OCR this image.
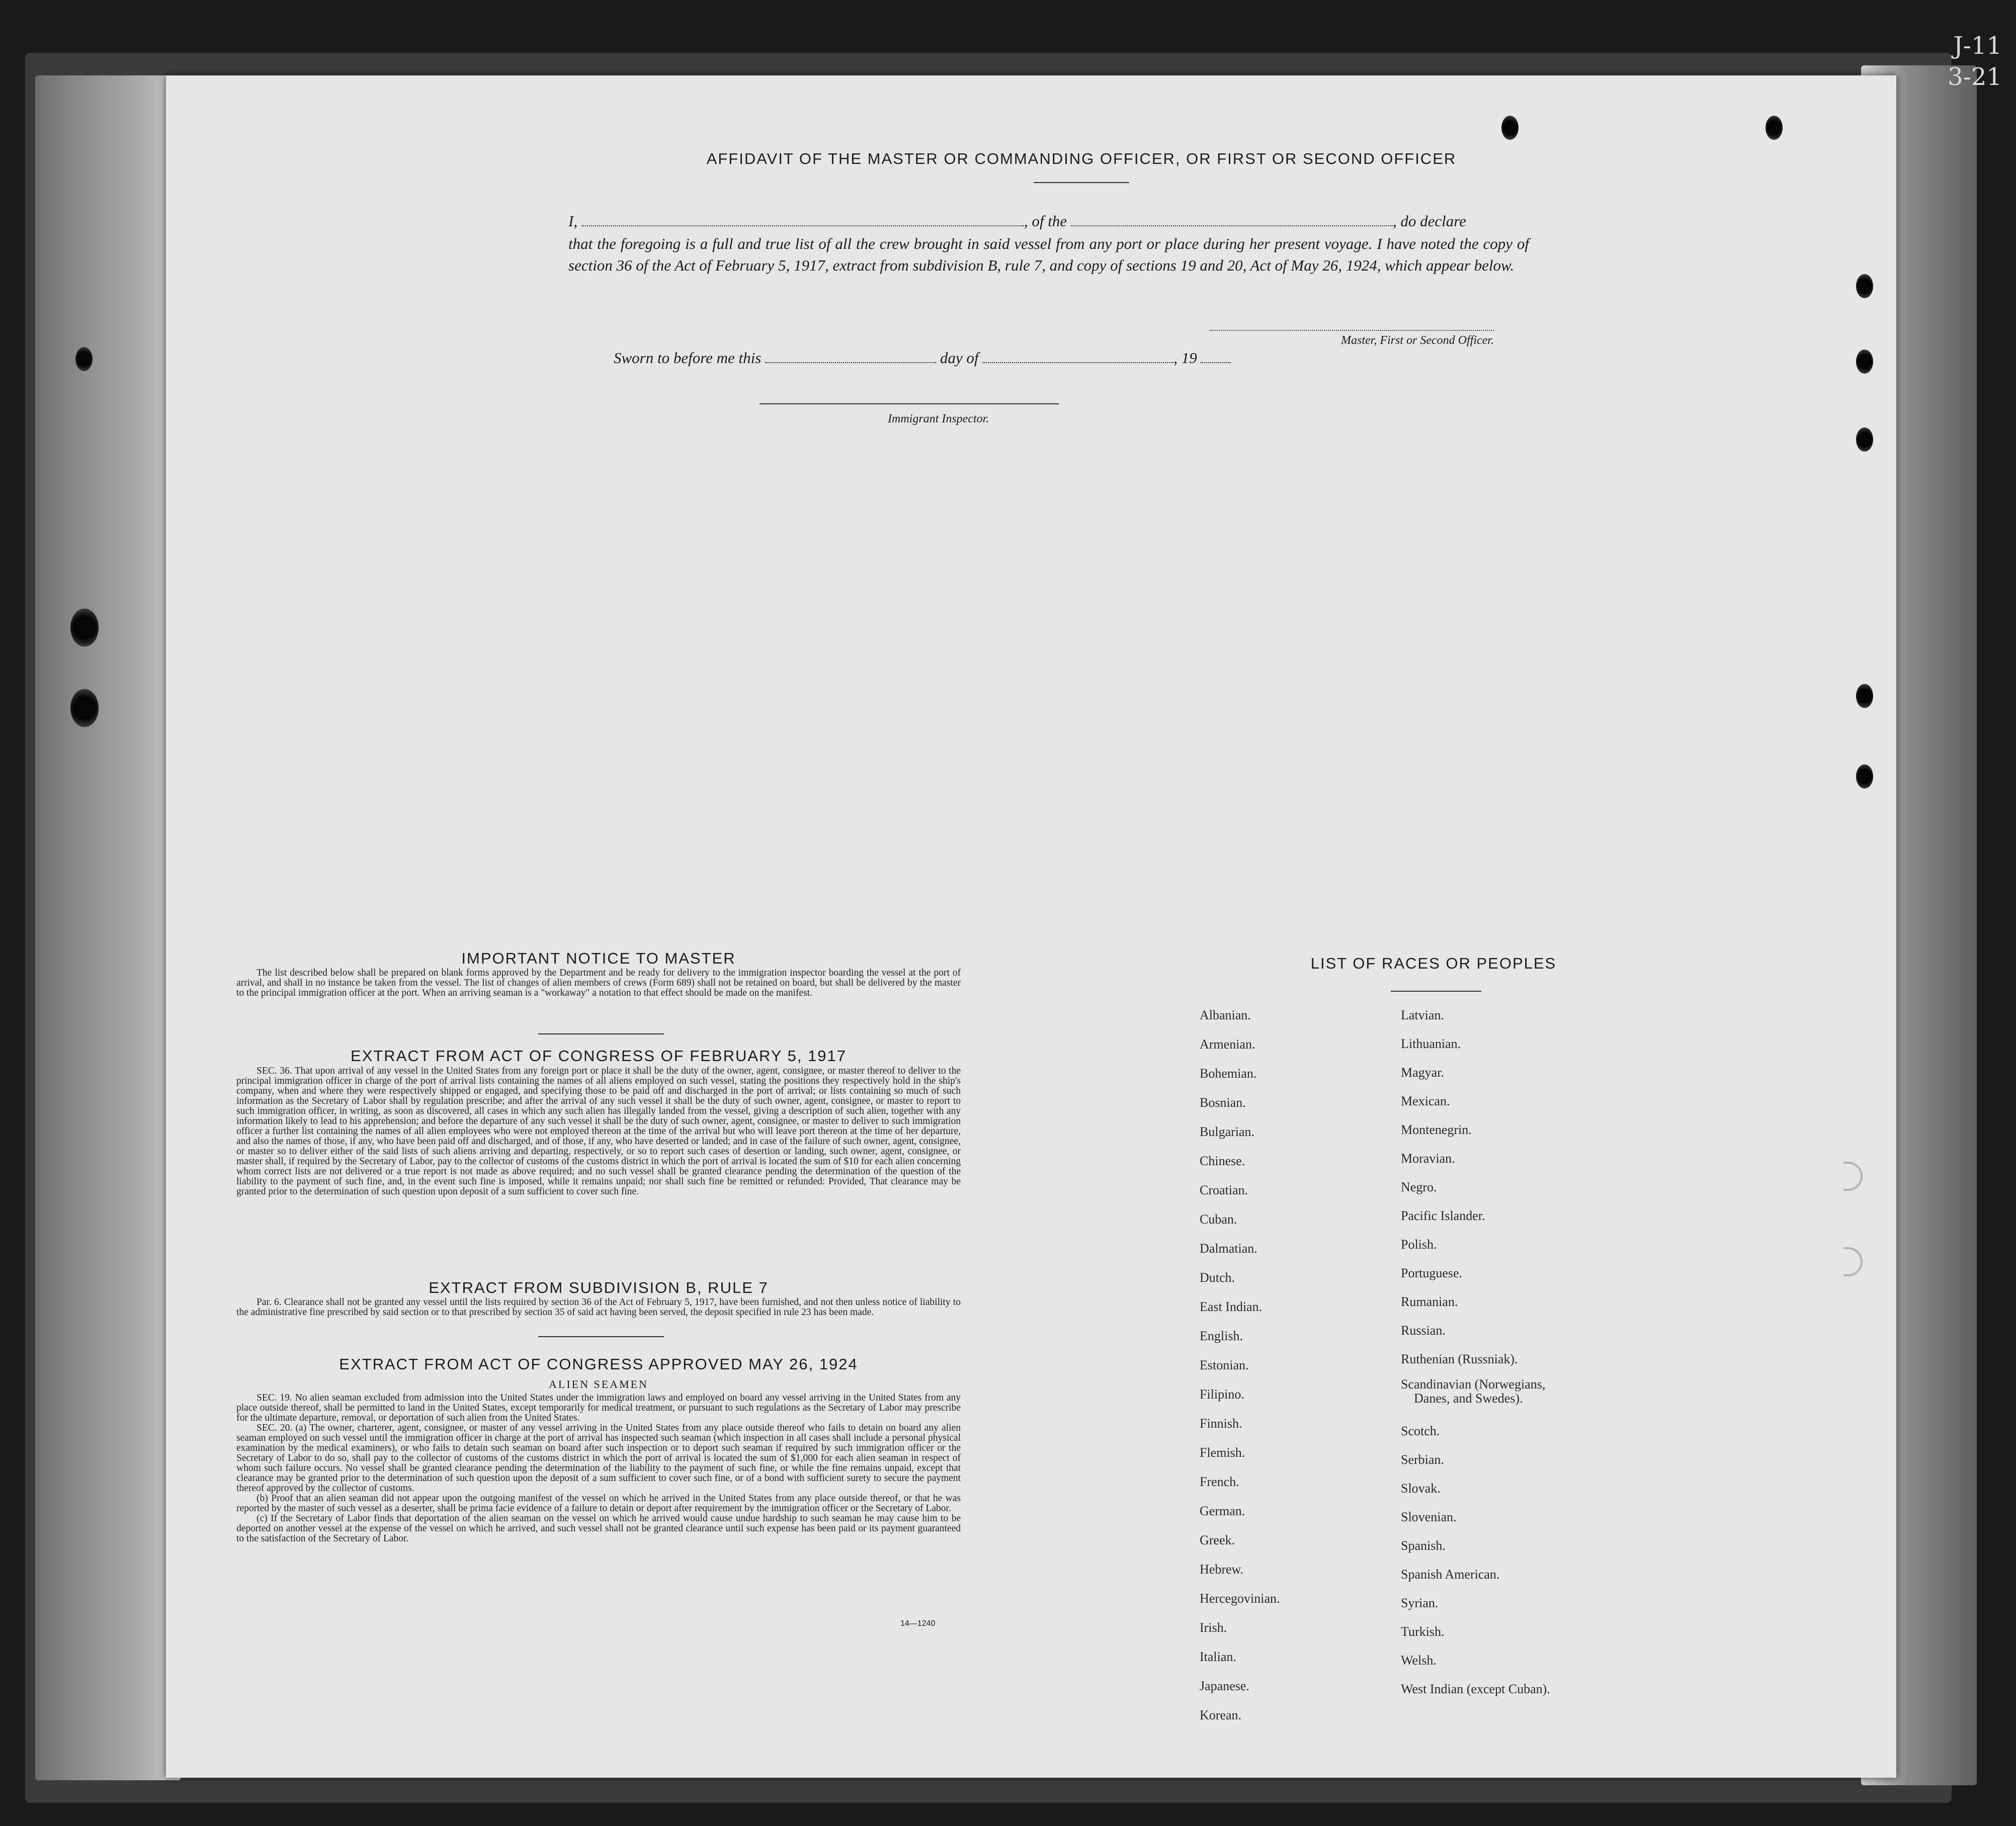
J-11
3-21
AFFIDAVIT OF THE MASTER OR COMMANDING OFFICER, OR FIRST OR SECOND OFFICER
I,	, of the	, do declare
that the foregoing is a full and true list of all the crew brought in said vessel from any port or place during her present voyage. I have noted the copy of section 36 of the Act of February 5, 1917, extract from subdivision B, rule 7, and copy of sections 19 and 20, Act of May 26, 1924, which appear below.
Master, First or Second Officer.
Sworn to before me this	day of	, 19
Immigrant Inspector.
IMPORTANT NOTICE TO MASTER

The list described below shall be prepared on blank forms approved by the Department and be ready for delivery to the immigration inspector boarding the vessel at the port of arrival, and shall in no instance be taken from the vessel. The list of changes of alien members of crews (Form 689) shall not be retained on board, but shall be delivered by the master to the principal immigration officer at the port. When an arriving seaman is a "workaway" a notation to that effect should be made on the manifest.

EXTRACT FROM ACT OF CONGRESS OF FEBRUARY 5, 1917

SEC. 36. That upon arrival of any vessel in the United States from any foreign port or place it shall be the duty of the owner, agent, consignee, or master thereof to deliver to the principal immigration officer in charge of the port of arrival lists containing the names of all aliens employed on such vessel, stating the positions they respectively hold in the ship's company, when and where they were respectively shipped or engaged, and specifying those to be paid off and discharged in the port of arrival; or lists containing so much of such information as the Secretary of Labor shall by regulation prescribe; and after the arrival of any such vessel it shall be the duty of such owner, agent, consignee, or master to report to such immigration officer, in writing, as soon as discovered, all cases in which any such alien has illegally landed from the vessel, giving a description of such alien, together with any information likely to lead to his apprehension; and before the departure of any such vessel it shall be the duty of such owner, agent, consignee, or master to deliver to such immigration officer a further list containing the names of all alien employees who were not employed thereon at the time of the arrival but who will leave port thereon at the time of her departure, and also the names of those, if any, who have been paid off and discharged, and of those, if any, who have deserted or landed; and in case of the failure of such owner, agent, consignee, or master so to deliver either of the said lists of such aliens arriving and departing, respectively, or so to report such cases of desertion or landing, such owner, agent, consignee, or master shall, if required by the Secretary of Labor, pay to the collector of customs of the customs district in which the port of arrival is located the sum of $10 for each alien concerning whom correct lists are not delivered or a true report is not made as above required; and no such vessel shall be granted clearance pending the determination of the question of the liability to the payment of such fine, and, in the event such fine is imposed, while it remains unpaid; nor shall such fine be remitted or refunded: Provided, That clearance may be granted prior to the determination of such question upon deposit of a sum sufficient to cover such fine.

EXTRACT FROM SUBDIVISION B, RULE 7

Par. 6. Clearance shall not be granted any vessel until the lists required by section 36 of the Act of February 5, 1917, have been furnished, and not then unless notice of liability to the administrative fine prescribed by said section or to that prescribed by section 35 of said act having been served, the deposit specified in rule 23 has been made.

EXTRACT FROM ACT OF CONGRESS APPROVED MAY 26, 1924
ALIEN SEAMEN

SEC. 19. No alien seaman excluded from admission into the United States under the immigration laws and employed on board any vessel arriving in the United States from any place outside thereof, shall be permitted to land in the United States, except temporarily for medical treatment, or pursuant to such regulations as the Secretary of Labor may prescribe for the ultimate departure, removal, or deportation of such alien from the United States.

SEC. 20. (a) The owner, charterer, agent, consignee, or master of any vessel arriving in the United States from any place outside thereof who fails to detain on board any alien seaman employed on such vessel until the immigration officer in charge at the port of arrival has inspected such seaman (which inspection in all cases shall include a personal physical examination by the medical examiners), or who fails to detain such seaman on board after such inspection or to deport such seaman if required by such immigration officer or the Secretary of Labor to do so, shall pay to the collector of customs of the customs district in which the port of arrival is located the sum of $1,000 for each alien seaman in respect of whom such failure occurs. No vessel shall be granted clearance pending the determination of the liability to the payment of such fine, or while the fine remains unpaid, except that clearance may be granted prior to the determination of such question upon the deposit of a sum sufficient to cover such fine, or of a bond with sufficient surety to secure the payment thereof approved by the collector of customs.

(b) Proof that an alien seaman did not appear upon the outgoing manifest of the vessel on which he arrived in the United States from any place outside thereof, or that he was reported by the master of such vessel as a deserter, shall be prima facie evidence of a failure to detain or deport after requirement by the immigration officer or the Secretary of Labor.

(c) If the Secretary of Labor finds that deportation of the alien seaman on the vessel on which he arrived would cause undue hardship to such seaman he may cause him to be deported on another vessel at the expense of the vessel on which he arrived, and such vessel shall not be granted clearance until such expense has been paid or its payment guaranteed to the satisfaction of the Secretary of Labor.

14—1240
LIST OF RACES OR PEOPLES
Albanian.
Armenian.
Bohemian.
Bosnian.
Bulgarian.
Chinese.
Croatian.
Cuban.
Dalmatian.
Dutch.
East Indian.
English.
Estonian.
Filipino.
Finnish.
Flemish.
French.
German.
Greek.
Hebrew.
Hercegovinian.
Irish.
Italian.
Japanese.
Korean.
Latvian.
Lithuanian.
Magyar.
Mexican.
Montenegrin.
Moravian.
Negro.
Pacific Islander.
Polish.
Portuguese.
Rumanian.
Russian.
Ruthenian (Russniak).
Scandinavian (Norwegians,
Danes, and Swedes).
Scotch.
Serbian.
Slovak.
Slovenian.
Spanish.
Spanish American.
Syrian.
Turkish.
Welsh.
West Indian (except Cuban).
